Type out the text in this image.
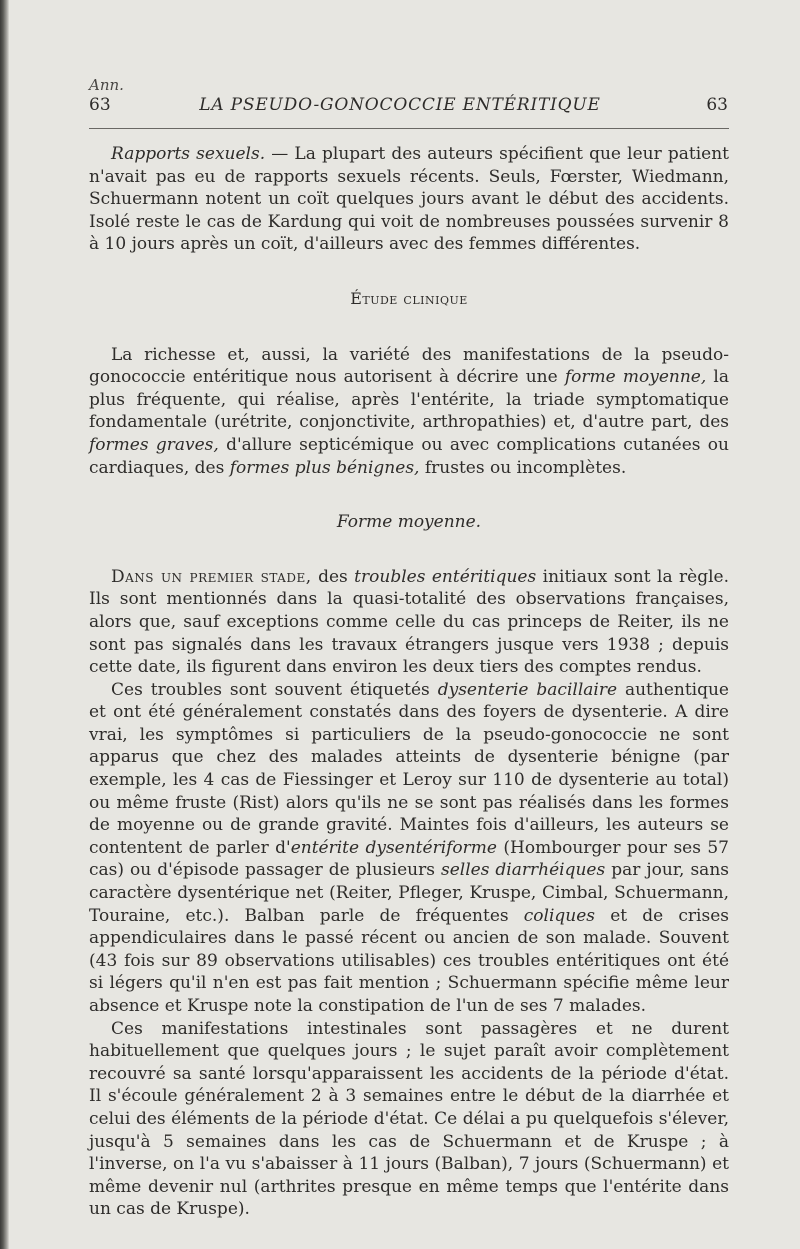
Ann.
63	LA PSEUDO-GONOCOCCIE ENTÉRITIQUE	63

Rapports sexuels. — La plupart des auteurs spécifient que leur patient n'avait pas eu de rapports sexuels récents. Seuls, Fœrster, Wiedmann, Schuermann notent un coït quelques jours avant le début des accidents. Isolé reste le cas de Kardung qui voit de nombreuses poussées survenir 8 à 10 jours après un coït, d'ailleurs avec des femmes différentes.

Étude clinique

La richesse et, aussi, la variété des manifestations de la pseudo-gonococcie entéritique nous autorisent à décrire une forme moyenne, la plus fréquente, qui réalise, après l'entérite, la triade symptomatique fondamentale (urétrite, conjonctivite, arthropathies) et, d'autre part, des formes graves, d'allure septicémique ou avec complications cutanées ou cardiaques, des formes plus bénignes, frustes ou incomplètes.

Forme moyenne.

Dans un premier stade, des troubles entéritiques initiaux sont la règle. Ils sont mentionnés dans la quasi-totalité des observations françaises, alors que, sauf exceptions comme celle du cas princeps de Reiter, ils ne sont pas signalés dans les travaux étrangers jusque vers 1938 ; depuis cette date, ils figurent dans environ les deux tiers des comptes rendus.

Ces troubles sont souvent étiquetés dysenterie bacillaire authentique et ont été généralement constatés dans des foyers de dysenterie. A dire vrai, les symptômes si particuliers de la pseudo-gonococcie ne sont apparus que chez des malades atteints de dysenterie bénigne (par exemple, les 4 cas de Fiessinger et Leroy sur 110 de dysenterie au total) ou même fruste (Rist) alors qu'ils ne se sont pas réalisés dans les formes de moyenne ou de grande gravité. Maintes fois d'ailleurs, les auteurs se contentent de parler d'entérite dysentériforme (Hombourger pour ses 57 cas) ou d'épisode passager de plusieurs selles diarrhéiques par jour, sans caractère dysentérique net (Reiter, Pfleger, Kruspe, Cimbal, Schuermann, Touraine, etc.). Balban parle de fréquentes coliques et de crises appendiculaires dans le passé récent ou ancien de son malade. Souvent (43 fois sur 89 observations utilisables) ces troubles entéritiques ont été si légers qu'il n'en est pas fait mention ; Schuermann spécifie même leur absence et Kruspe note la constipation de l'un de ses 7 malades.

Ces manifestations intestinales sont passagères et ne durent habituellement que quelques jours ; le sujet paraît avoir complètement recouvré sa santé lorsqu'apparaissent les accidents de la période d'état. Il s'écoule généralement 2 à 3 semaines entre le début de la diarrhée et celui des éléments de la période d'état. Ce délai a pu quelquefois s'élever, jusqu'à 5 semaines dans les cas de Schuermann et de Kruspe ; à l'inverse, on l'a vu s'abaisser à 11 jours (Balban), 7 jours (Schuermann) et même devenir nul (arthrites presque en même temps que l'entérite dans un cas de Kruspe).
